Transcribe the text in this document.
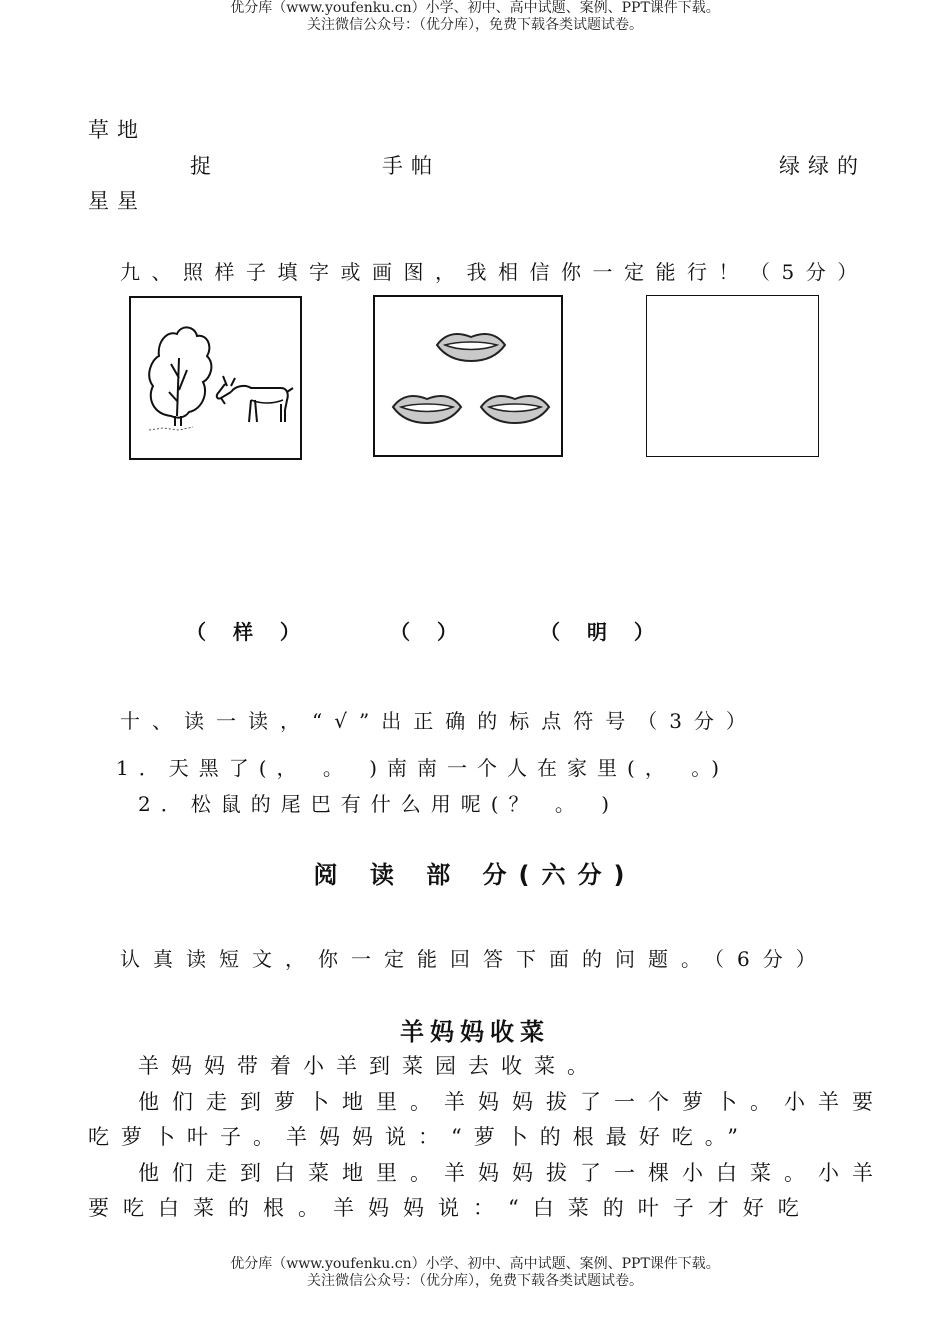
优分库（www.youfenku.cn）小学、初中、高中试题、案例、PPT课件下载。
关注微信公众号：（优分库），免费下载各类试题试卷。
草地
捉	手帕	绿绿的
星星
九、照样子填字或画图，我相信你一定能行！（5分）
（ 样 ）	（ ）	（ 明 ）
十、读一读，“√”出正确的标点符号（3分）
1．天黑了(， 。 )南南一个人在家里(， 。)
2．松鼠的尾巴有什么用呢(？ 。 )
阅 读 部 分(六分)
认真读短文，你一定能回答下面的问题。（6分）
羊妈妈收菜
羊妈妈带着小羊到菜园去收菜。
他们走到萝卜地里。羊妈妈拔了一个萝卜。小羊要
吃萝卜叶子。羊妈妈说：“萝卜的根最好吃。”
他们走到白菜地里。羊妈妈拔了一棵小白菜。小羊
要吃白菜的根。羊妈妈说：“白菜的叶子才好吃
优分库（www.youfenku.cn）小学、初中、高中试题、案例、PPT课件下载。
关注微信公众号：（优分库），免费下载各类试题试卷。
